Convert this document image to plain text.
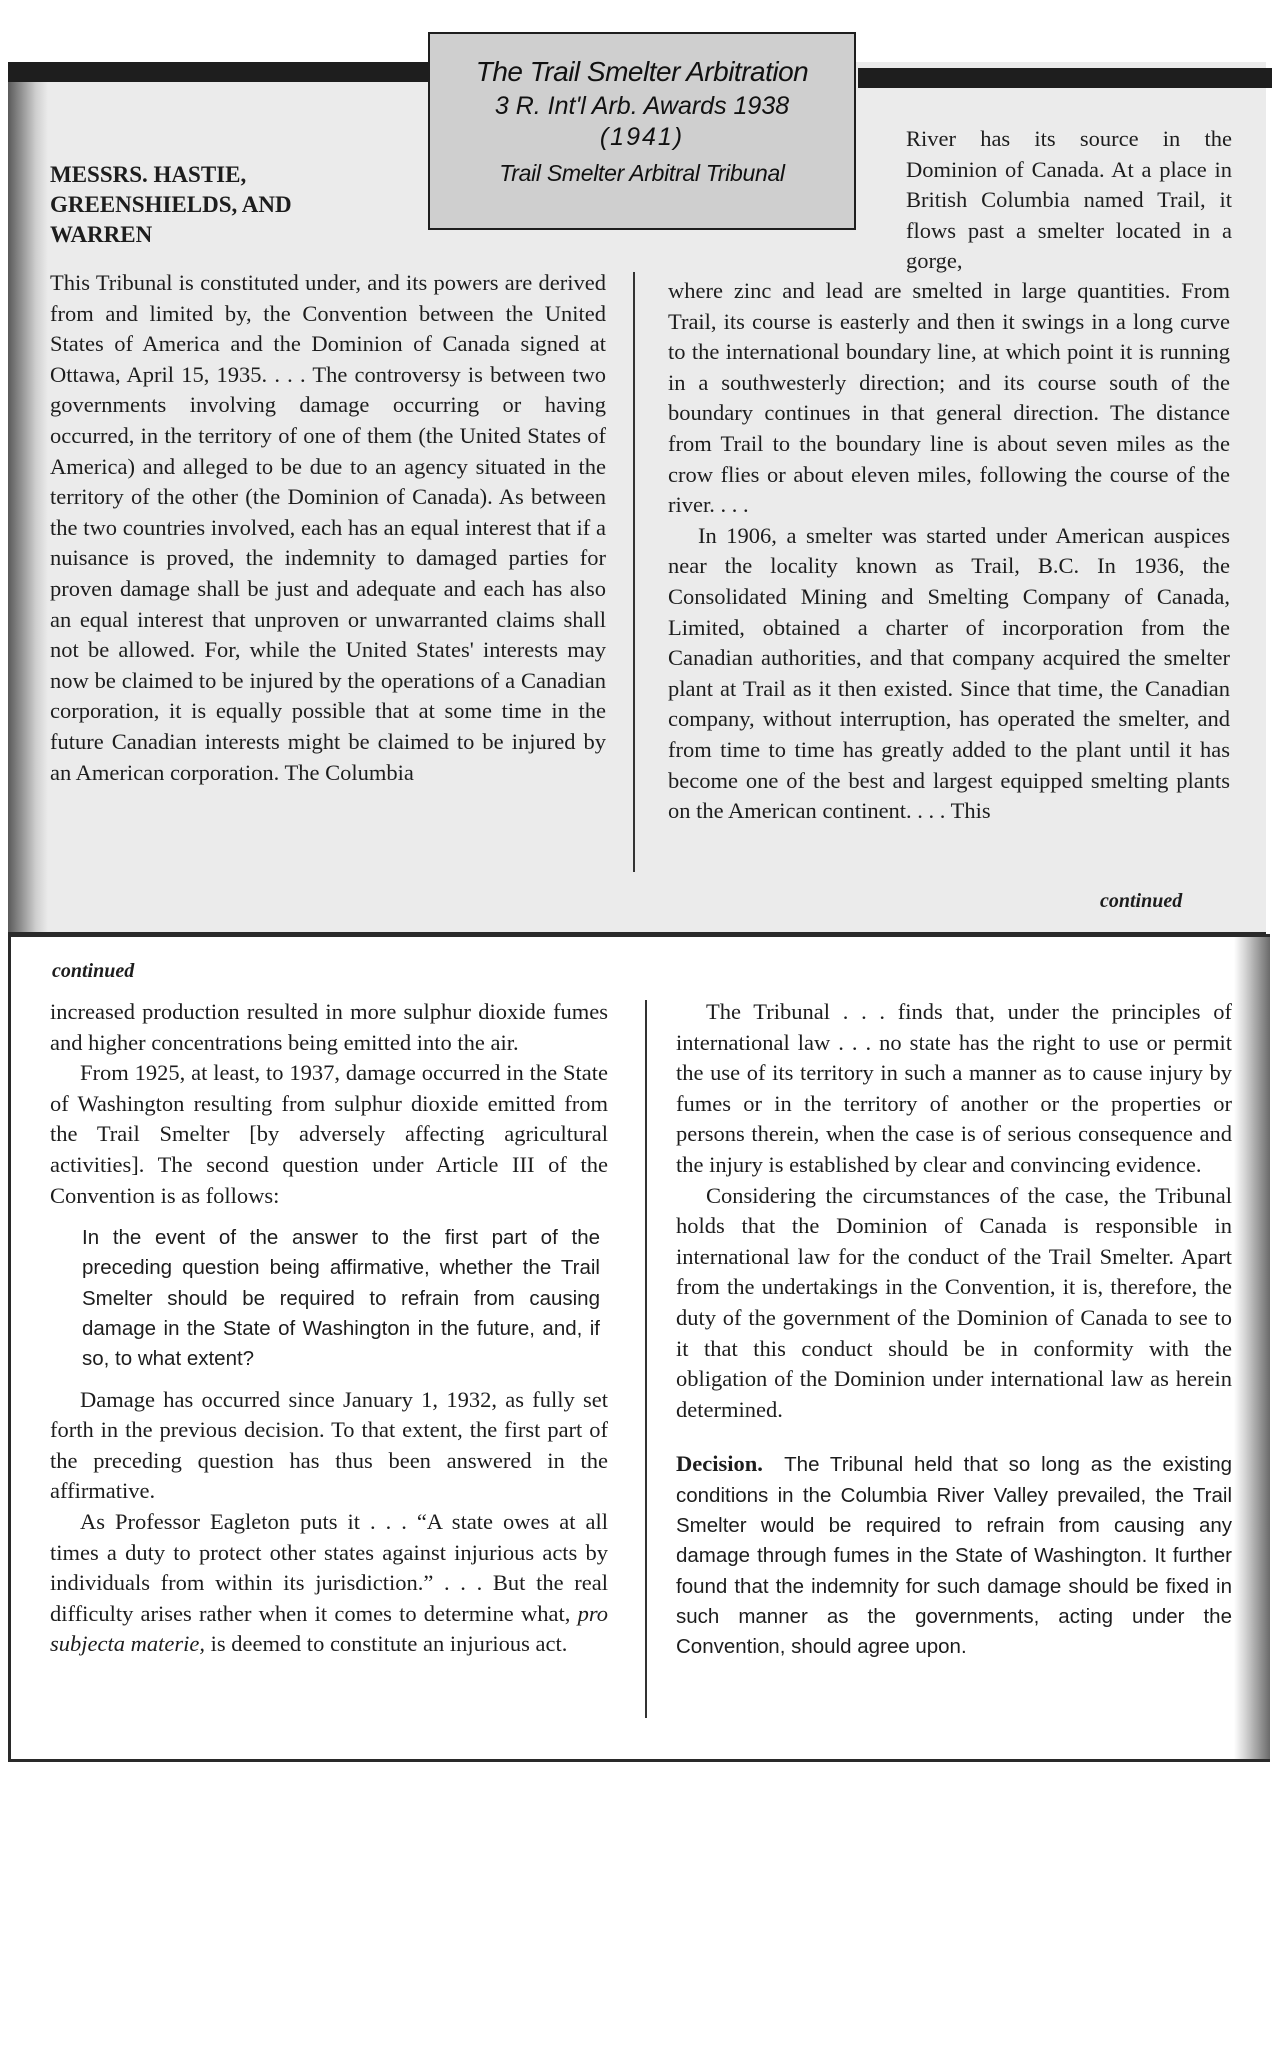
The Trail Smelter Arbitration
3 R. Int'l Arb. Awards 1938
(1941)
Trail Smelter Arbitral Tribunal
MESSRS. HASTIE, GREENSHIELDS, AND WARREN

This Tribunal is constituted under, and its powers are derived from and limited by, the Convention between the United States of America and the Dominion of Canada signed at Ottawa, April 15, 1935. . . . The controversy is between two governments involving damage occurring or having occurred, in the territory of one of them (the United States of America) and alleged to be due to an agency situated in the territory of the other (the Dominion of Canada). As between the two countries involved, each has an equal interest that if a nuisance is proved, the indemnity to damaged parties for proven damage shall be just and adequate and each has also an equal interest that unproven or unwarranted claims shall not be allowed. For, while the United States' interests may now be claimed to be injured by the operations of a Canadian corporation, it is equally possible that at some time in the future Canadian interests might be claimed to be injured by an American corporation. The Columbia

River has its source in the Dominion of Canada. At a place in British Columbia named Trail, it flows past a smelter located in a gorge,

where zinc and lead are smelted in large quantities. From Trail, its course is easterly and then it swings in a long curve to the international boundary line, at which point it is running in a southwesterly direction; and its course south of the boundary continues in that general direction. The distance from Trail to the boundary line is about seven miles as the crow flies or about eleven miles, following the course of the river. . . .

In 1906, a smelter was started under American auspices near the locality known as Trail, B.C. In 1936, the Consolidated Mining and Smelting Company of Canada, Limited, obtained a charter of incorporation from the Canadian authorities, and that company acquired the smelter plant at Trail as it then existed. Since that time, the Canadian company, without interruption, has operated the smelter, and from time to time has greatly added to the plant until it has become one of the best and largest equipped smelting plants on the American continent. . . . This

continued
continued

increased production resulted in more sulphur dioxide fumes and higher concentrations being emitted into the air.

From 1925, at least, to 1937, damage occurred in the State of Washington resulting from sulphur dioxide emitted from the Trail Smelter [by adversely affecting agricultural activities]. The second question under Article III of the Convention is as follows:

In the event of the answer to the first part of the preceding question being affirmative, whether the Trail Smelter should be required to refrain from causing damage in the State of Washington in the future, and, if so, to what extent?

Damage has occurred since January 1, 1932, as fully set forth in the previous decision. To that extent, the first part of the preceding question has thus been answered in the affirmative.

As Professor Eagleton puts it . . . “A state owes at all times a duty to protect other states against injurious acts by individuals from within its jurisdiction.” . . . But the real difficulty arises rather when it comes to determine what, pro subjecta materie, is deemed to constitute an injurious act.

The Tribunal . . . finds that, under the principles of international law . . . no state has the right to use or permit the use of its territory in such a manner as to cause injury by fumes or in the territory of another or the properties or persons therein, when the case is of serious consequence and the injury is established by clear and convincing evidence.

Considering the circumstances of the case, the Tribunal holds that the Dominion of Canada is responsible in international law for the conduct of the Trail Smelter. Apart from the undertakings in the Convention, it is, therefore, the duty of the government of the Dominion of Canada to see to it that this conduct should be in conformity with the obligation of the Dominion under international law as herein determined.

Decision. The Tribunal held that so long as the existing conditions in the Columbia River Valley prevailed, the Trail Smelter would be required to refrain from causing any damage through fumes in the State of Washington. It further found that the indemnity for such damage should be fixed in such manner as the governments, acting under the Convention, should agree upon.
